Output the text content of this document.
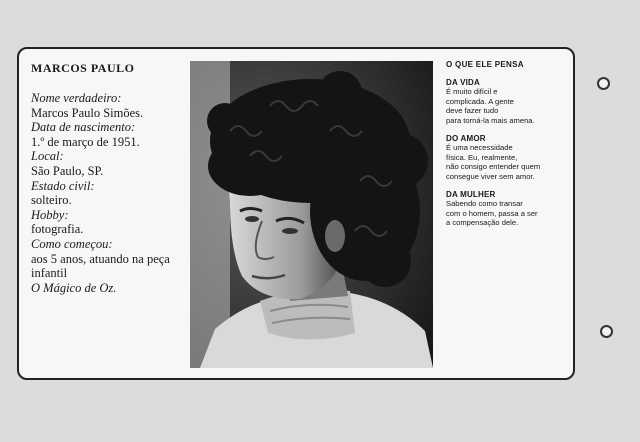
MARCOS PAULO
Nome verdadeiro:
Marcos Paulo Simões.
Data de nascimento:
1.º de março de 1951.
Local:
São Paulo, SP.
Estado civil:
solteiro.
Hobby:
fotografia.
Como começou:
aos 5 anos, atuando na peça infantil
O Mágico de Oz.
O QUE ELE PENSA
DA VIDA
É muito difícil e
complicada. A gente
deve fazer tudo
para torná-la mais amena.
DO AMOR
É uma necessidade
física. Eu, realmente,
não consigo entender quem
consegue viver sem amor.
DA MULHER
Sabendo como transar
com o homem, passa a ser
a compensação dele.
